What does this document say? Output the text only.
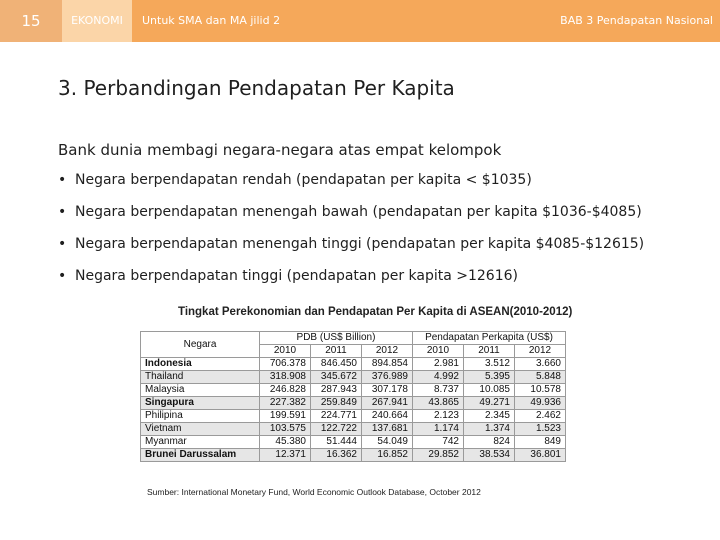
15	EKONOMI	Untuk SMA dan MA jilid 2	BAB 3 Pendapatan Nasional
3. Perbandingan Pendapatan Per Kapita
Bank dunia membagi negara-negara atas empat kelompok
• Negara berpendapatan rendah (pendapatan per kapita < $1035)
• Negara berpendapatan menengah bawah (pendapatan per kapita $1036-$4085)
• Negara berpendapatan menengah tinggi (pendapatan per kapita $4085-$12615)
• Negara berpendapatan tinggi (pendapatan per kapita >12616)
Tingkat Perekonomian dan Pendapatan Per Kapita di ASEAN(2010-2012)
Negara	PDB (US$ Billion)			Pendapatan Perkapita (US$)		
	2010	2011	2012	2010	2011	2012
Indonesia	706.378	846.450	894.854	2.981	3.512	3.660
Thailand	318.908	345.672	376.989	4.992	5.395	5.848
Malaysia	246.828	287.943	307.178	8.737	10.085	10.578
Singapura	227.382	259.849	267.941	43.865	49.271	49.936
Philipina	199.591	224.771	240.664	2.123	2.345	2.462
Vietnam	103.575	122.722	137.681	1.174	1.374	1.523
Myanmar	45.380	51.444	54.049	742	824	849
Brunei Darussalam	12.371	16.362	16.852	29.852	38.534	36.801
Sumber: International Monetary Fund, World Economic Outlook Database, October 2012
